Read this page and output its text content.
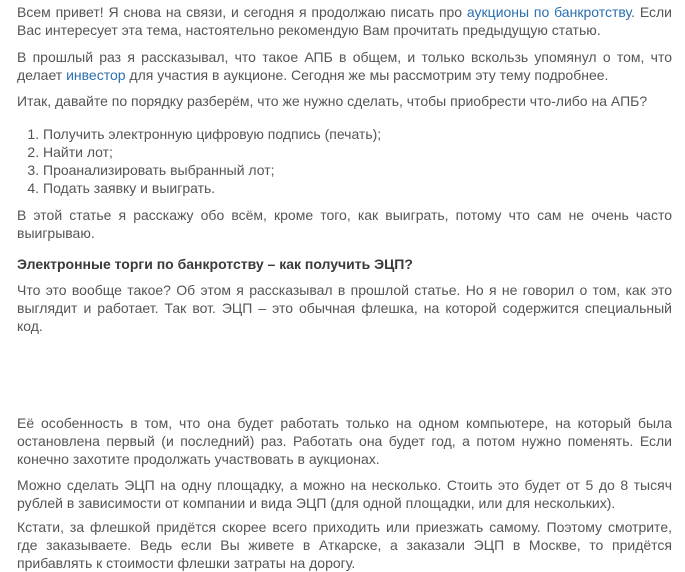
Всем привет! Я снова на связи, и сегодня я продолжаю писать про аукционы по банкротству. Если Вас интересует эта тема, настоятельно рекомендую Вам прочитать предыдущую статью.

В прошлый раз я рассказывал, что такое АПБ в общем, и только вскользь упомянул о том, что делает инвестор для участия в аукционе. Сегодня же мы рассмотрим эту тему подробнее.

Итак, давайте по порядку разберём, что же нужно сделать, чтобы приобрести что-либо на АПБ?

1. Получить электронную цифровую подпись (печать);
2. Найти лот;
3. Проанализировать выбранный лот;
4. Подать заявку и выиграть.

В этой статье я расскажу обо всём, кроме того, как выиграть, потому что сам не очень часто выигрываю.

Электронные торги по банкротству – как получить ЭЦП?

Что это вообще такое? Об этом я рассказывал в прошлой статье. Но я не говорил о том, как это выглядит и работает. Так вот. ЭЦП – это обычная флешка, на которой содержится специальный код.

Её особенность в том, что она будет работать только на одном компьютере, на который была остановлена первый (и последний) раз. Работать она будет год, а потом нужно поменять. Если конечно захотите продолжать участвовать в аукционах.

Можно сделать ЭЦП на одну площадку, а можно на несколько. Стоить это будет от 5 до 8 тысяч рублей в зависимости от компании и вида ЭЦП (для одной площадки, или для нескольких).

Кстати, за флешкой придётся скорее всего приходить или приезжать самому. Поэтому смотрите, где заказываете. Ведь если Вы живете в Аткарске, а заказали ЭЦП в Москве, то придётся прибавлять к стоимости флешки затраты на дорогу.
